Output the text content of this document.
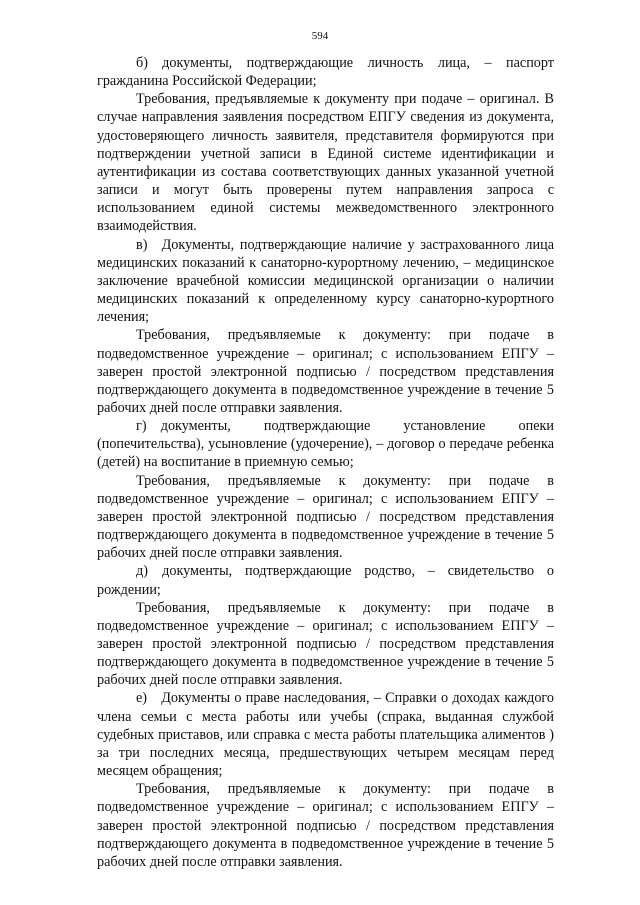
594

б) документы, подтверждающие личность лица, – паспорт гражданина Российской Федерации;

Требования, предъявляемые к документу при подаче – оригинал. В случае направления заявления посредством ЕПГУ сведения из документа, удостоверяющего личность заявителя, представителя формируются при подтверждении учетной записи в Единой системе идентификации и аутентификации из состава соответствующих данных указанной учетной записи и могут быть проверены путем направления запроса с использованием единой системы межведомственного электронного взаимодействия.

в) Документы, подтверждающие наличие у застрахованного лица медицинских показаний к санаторно-курортному лечению, – медицинское заключение врачебной комиссии медицинской организации о наличии медицинских показаний к определенному курсу санаторно-курортного лечения;

Требования, предъявляемые к документу: при подаче в подведомственное учреждение – оригинал; с использованием ЕПГУ – заверен простой электронной подписью / посредством представления подтверждающего документа в подведомственное учреждение в течение 5 рабочих дней после отправки заявления.

г) документы, подтверждающие установление опеки (попечительства), усыновление (удочерение), – договор о передаче ребенка (детей) на воспитание в приемную семью;

Требования, предъявляемые к документу: при подаче в подведомственное учреждение – оригинал; с использованием ЕПГУ – заверен простой электронной подписью / посредством представления подтверждающего документа в подведомственное учреждение в течение 5 рабочих дней после отправки заявления.

д) документы, подтверждающие родство, – свидетельство о рождении;

Требования, предъявляемые к документу: при подаче в подведомственное учреждение – оригинал; с использованием ЕПГУ – заверен простой электронной подписью / посредством представления подтверждающего документа в подведомственное учреждение в течение 5 рабочих дней после отправки заявления.

е) Документы о праве наследования, – Справки о доходах каждого члена семьи с места работы или учебы (спрака, выданная службой судебных приставов, или справка с места работы плательщика алиментов ) за три последних месяца, предшествующих четырем месяцам перед месяцем обращения;

Требования, предъявляемые к документу: при подаче в подведомственное учреждение – оригинал; с использованием ЕПГУ – заверен простой электронной подписью / посредством представления подтверждающего документа в подведомственное учреждение в течение 5 рабочих дней после отправки заявления.
